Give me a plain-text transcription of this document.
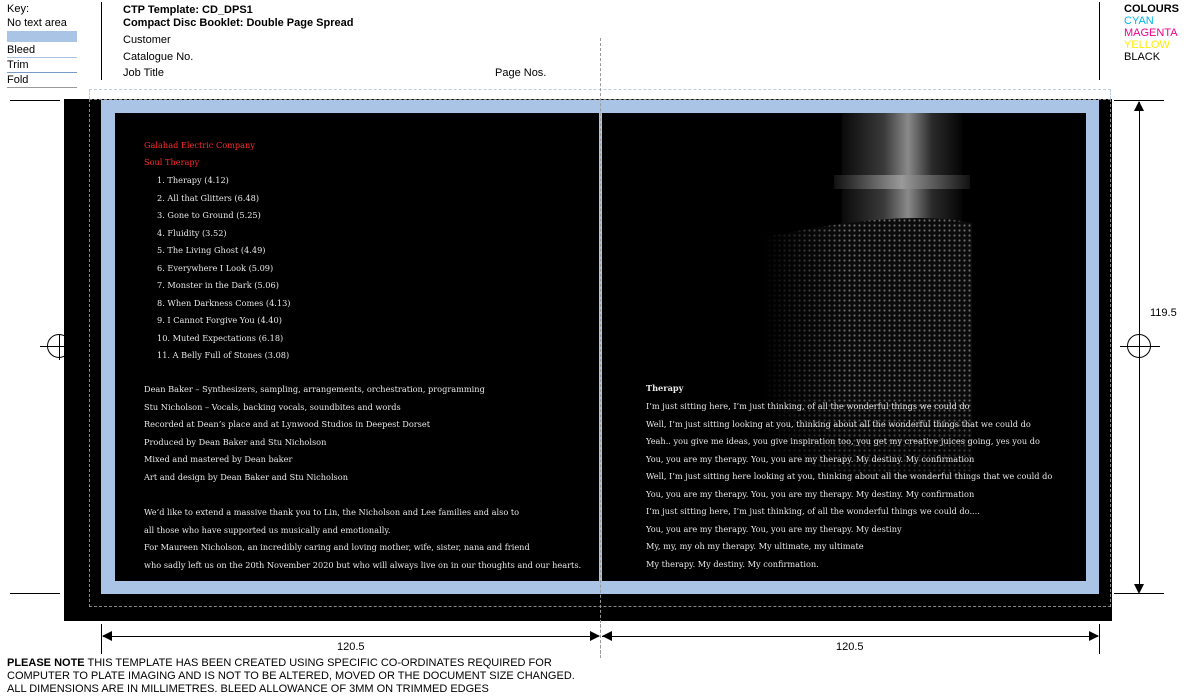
Key:
No text area
Bleed
Trim
Fold
CTP Template: CD_DPS1
Compact Disc Booklet: Double Page Spread
Customer
Catalogue No.
Job Title	Page Nos.
COLOURS
CYAN
MAGENTA
YELLOW
BLACK
Galahad Electric Company
Soul Therapy
1. Therapy (4.12)
2. All that Glitters (6.48)
3. Gone to Ground (5.25)
4. Fluidity (3.52)
5. The Living Ghost (4.49)
6. Everywhere I Look (5.09)
7. Monster in the Dark (5.06)
8. When Darkness Comes (4.13)
9. I Cannot Forgive You (4.40)
10. Muted Expectations (6.18)
11. A Belly Full of Stones (3.08)
Dean Baker – Synthesizers, sampling, arrangements, orchestration, programming
Stu Nicholson – Vocals, backing vocals, soundbites and words
Recorded at Dean’s place and at Lynwood Studios in Deepest Dorset
Produced by Dean Baker and Stu Nicholson
Mixed and mastered by Dean baker
Art and design by Dean Baker and Stu Nicholson
We’d like to extend a massive thank you to Lin, the Nicholson and Lee families and also to
all those who have supported us musically and emotionally.
For Maureen Nicholson, an incredibly caring and loving mother, wife, sister, nana and friend
who sadly left us on the 20th November 2020 but who will always live on in our thoughts and our hearts.
Therapy
I’m just sitting here, I’m just thinking, of all the wonderful things we could do
Well, I’m just sitting looking at you, thinking about all the wonderful things that we could do
Yeah.. you give me ideas, you give inspiration too, you get my creative juices going, yes you do
You, you are my therapy. You, you are my therapy. My destiny. My confirmation
Well, I’m just sitting here looking at you, thinking about all the wonderful things that we could do
You, you are my therapy. You, you are my therapy. My destiny. My confirmation
I’m just sitting here, I’m just thinking, of all the wonderful things we could do....
You, you are my therapy. You, you are my therapy. My destiny
My, my, my oh my therapy. My ultimate, my ultimate
My therapy. My destiny. My confirmation.
119.5
120.5	120.5
PLEASE NOTE THIS TEMPLATE HAS BEEN CREATED USING SPECIFIC CO-ORDINATES REQUIRED FOR
COMPUTER TO PLATE IMAGING AND IS NOT TO BE ALTERED, MOVED OR THE DOCUMENT SIZE CHANGED.
ALL DIMENSIONS ARE IN MILLIMETRES. BLEED ALLOWANCE OF 3MM ON TRIMMED EDGES
